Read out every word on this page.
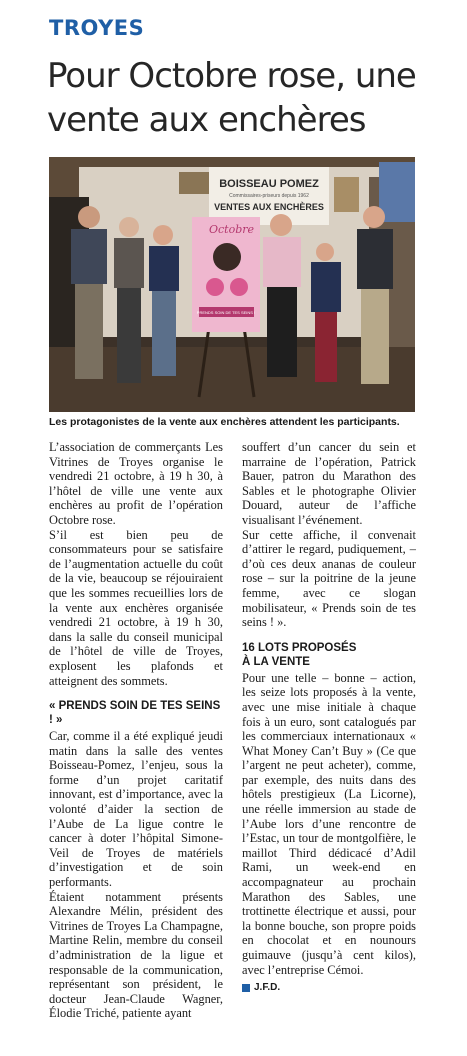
TROYES
Pour Octobre rose, une vente aux enchères
BOISSEAU POMEZ
Commissaires-priseurs depuis 1962
VENTES AUX ENCHÈRES
Octobre
PRENDS SOIN DE TES SEINS !
Les protagonistes de la vente aux enchères attendent les participants.

L’association de commerçants Les Vitrines de Troyes organise le vendredi 21 octobre, à 19 h 30, à l’hôtel de ville une vente aux enchères au profit de l’opération Octobre rose.

S’il est bien peu de consommateurs pour se satisfaire de l’augmentation actuelle du coût de la vie, beaucoup se réjouiraient que les sommes recueillies lors de la vente aux enchères organisée vendredi 21 octobre, à 19 h 30, dans la salle du conseil municipal de l’hôtel de ville de Troyes, explosent les plafonds et atteignent des sommets.

« PRENDS SOIN DE TES SEINS ! »

Car, comme il a été expliqué jeudi matin dans la salle des ventes Boisseau-Pomez, l’enjeu, sous la forme d’un projet caritatif innovant, est d’importance, avec la volonté d’aider la section de l’Aube de La ligue contre le cancer à doter l’hôpital Simone-Veil de Troyes de matériels d’investigation et de soin performants.

Étaient notamment présents Alexandre Mélin, président des Vitrines de Troyes La Champagne, Martine Relin, membre du conseil d’administration de la ligue et responsable de la communication, représentant son président, le docteur Jean-Claude Wagner, Élodie Triché, patiente ayant

souffert d’un cancer du sein et marraine de l’opération, Patrick Bauer, patron du Marathon des Sables et le photographe Olivier Douard, auteur de l’affiche visualisant l’événement.

Sur cette affiche, il convenait d’attirer le regard, pudiquement, – d’où ces deux ananas de couleur rose – sur la poitrine de la jeune femme, avec ce slogan mobilisateur, « Prends soin de tes seins ! ».

16 LOTS PROPOSÉS
À LA VENTE

Pour une telle – bonne – action, les seize lots proposés à la vente, avec une mise initiale à chaque fois à un euro, sont catalogués par les commerciaux internationaux « What Money Can’t Buy » (Ce que l’argent ne peut acheter), comme, par exemple, des nuits dans des hôtels prestigieux (La Licorne), une réelle immersion au stade de l’Aube lors d’une rencontre de l’Estac, un tour de montgolfière, le maillot Third dédicacé d’Adil Rami, un week-end en accompagnateur au prochain Marathon des Sables, une trottinette électrique et aussi, pour la bonne bouche, son propre poids en chocolat et en nounours guimauve (jusqu’à cent kilos), avec l’entreprise Cémoi.

J.F.D.
